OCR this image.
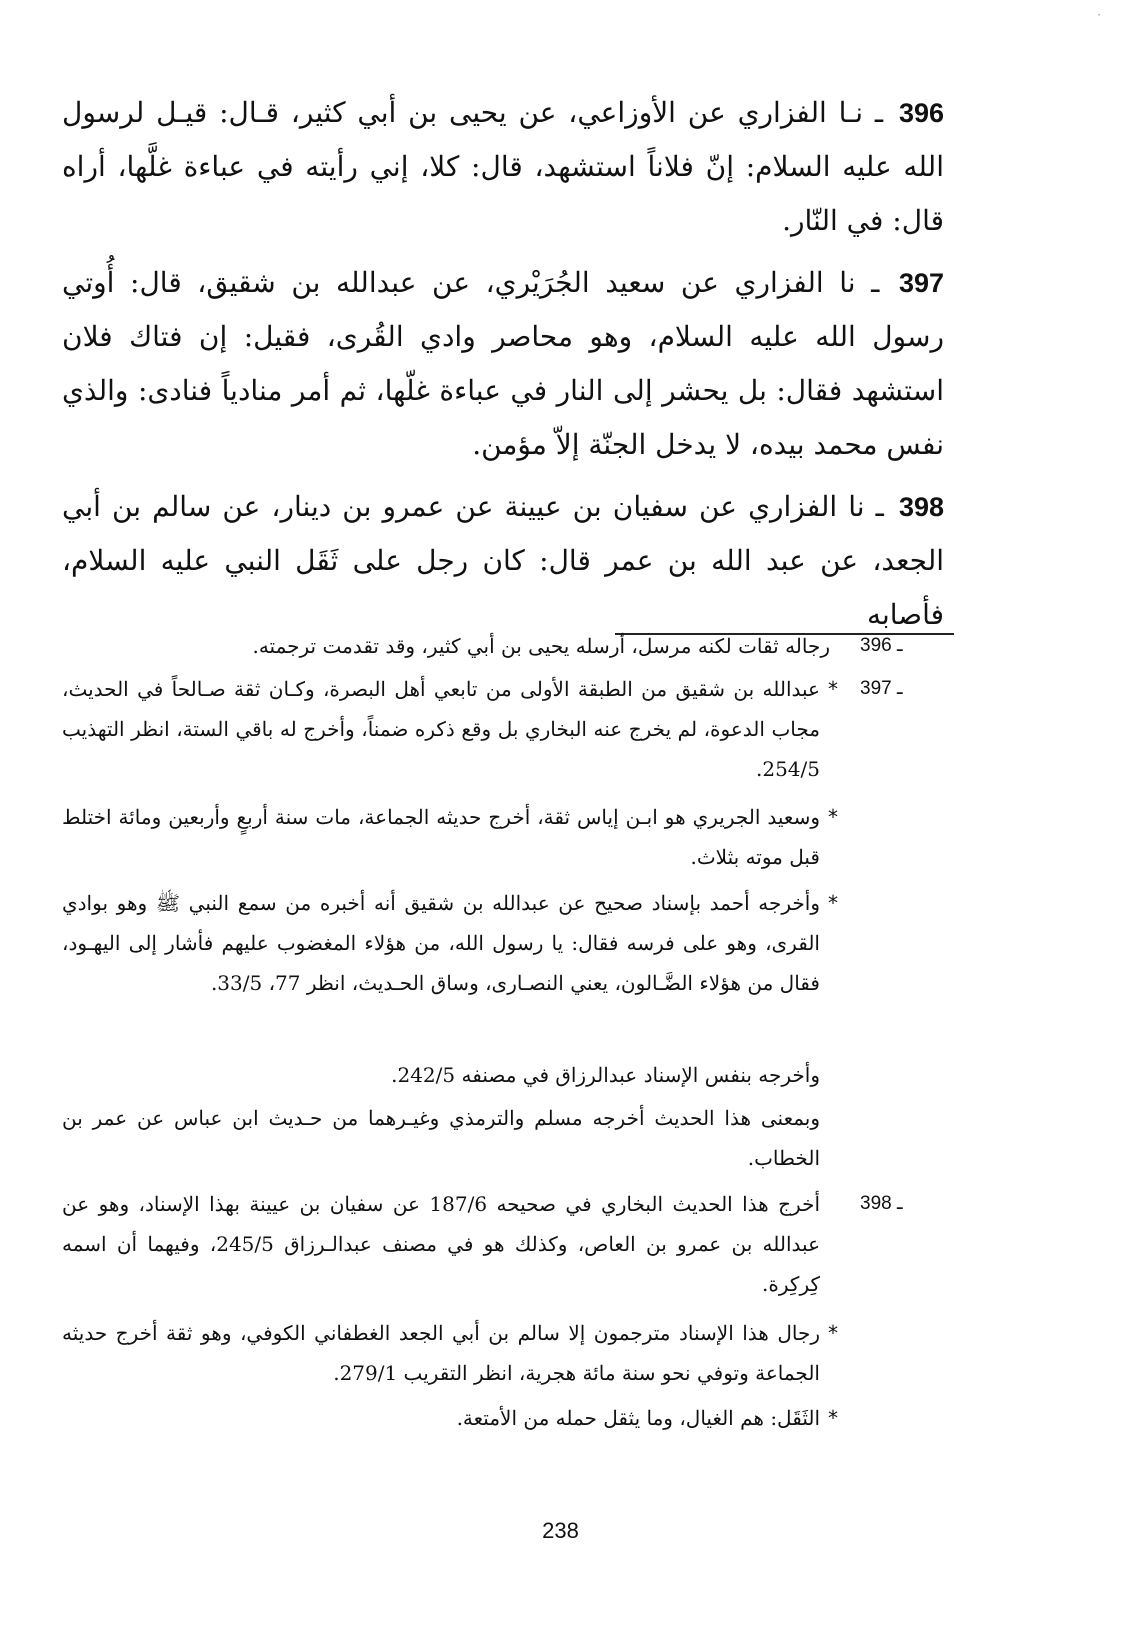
·

396 ـ نـا الفزاري عن الأوزاعي، عن يحيى بن أبي كثير، قـال: قيـل لرسول الله عليه السلام: إنّ فلاناً استشهد، قال: كلا، إني رأيته في عباءة غلَّها، أراه قال: في النّار.

397 ـ نا الفزاري عن سعيد الجُرَيْري، عن عبدالله بن شقيق، قال: أُوتي رسول الله عليه السلام، وهو محاصر وادي القُرى، فقيل: إن فتاك فلان استشهد فقال: بل يحشر إلى النار في عباءة غلّها، ثم أمر منادياً فنادى: والذي نفس محمد بيده، لا يدخل الجنّة إلاّ مؤمن.

398 ـ نا الفزاري عن سفيان بن عيينة عن عمرو بن دينار، عن سالم بن أبي الجعد، عن عبد الله بن عمر قال: كان رجل على ثَقَل النبي عليه السلام، فأصابه

396 ـ

رجاله ثقات لكنه مرسل، أرسله يحيى بن أبي كثير، وقد تقدمت ترجمته.

397 ـ
*

عبدالله بن شقيق من الطبقة الأولى من تابعي أهل البصرة، وكـان ثقة صـالحاً في الحديث، مجاب الدعوة، لم يخرج عنه البخاري بل وقع ذكره ضمناً، وأخرج له باقي الستة، انظر التهذيب 254/5.

*

وسعيد الجريري هو ابـن إياس ثقة، أخرج حديثه الجماعة، مات سنة أربعٍ وأربعين ومائة اختلط قبل موته بثلاث.

*

وأخرجه أحمد بإسناد صحيح عن عبدالله بن شقيق أنه أخبره من سمع النبي ﷺ وهو بوادي القرى، وهو على فرسه فقال: يا رسول الله، من هؤلاء المغضوب عليهم فأشار إلى اليهـود، فقال من هؤلاء الضَّـالون، يعني النصـارى، وساق الحـديث، انظر 77، 33/5.

وأخرجه بنفس الإسناد عبدالرزاق في مصنفه 242/5.

وبمعنى هذا الحديث أخرجه مسلم والترمذي وغيـرهما من حـديث ابن عباس عن عمر بن الخطاب.

398 ـ

أخرج هذا الحديث البخاري في صحيحه 187/6 عن سفيان بن عيينة بهذا الإسناد، وهو عن عبدالله بن عمرو بن العاص، وكذلك هو في مصنف عبدالـرزاق 245/5، وفيهما أن اسمه كِركِرة.

*

رجال هذا الإسناد مترجمون إلا سالم بن أبي الجعد الغطفاني الكوفي، وهو ثقة أخرج حديثه الجماعة وتوفي نحو سنة مائة هجرية، انظر التقريب 279/1.

*

الثَقَل: هم الغيال، وما يثقل حمله من الأمتعة.

238
